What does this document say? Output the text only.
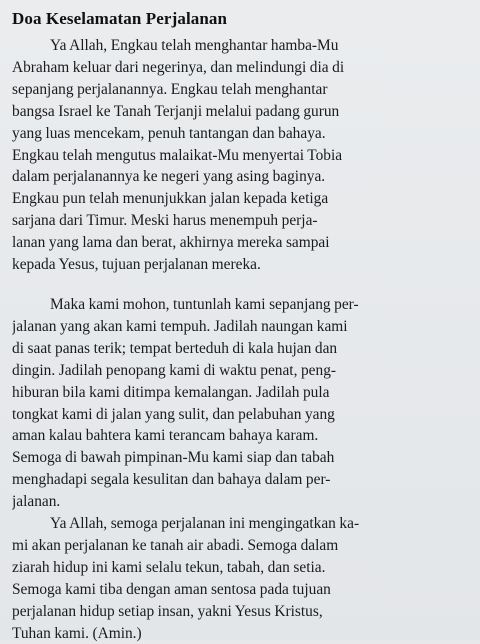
Doa Keselamatan Perjalanan
Ya Allah, Engkau telah menghantar hamba-Mu
Abraham keluar dari negerinya, dan melindungi dia di
sepanjang perjalanannya. Engkau telah menghantar
bangsa Israel ke Tanah Terjanji melalui padang gurun
yang luas mencekam, penuh tantangan dan bahaya.
Engkau telah mengutus malaikat-Mu menyertai Tobia
dalam perjalanannya ke negeri yang asing baginya.
Engkau pun telah menunjukkan jalan kepada ketiga
sarjana dari Timur. Meski harus menempuh perja-
lanan yang lama dan berat, akhirnya mereka sampai
kepada Yesus, tujuan perjalanan mereka.
Maka kami mohon, tuntunlah kami sepanjang per-
jalanan yang akan kami tempuh. Jadilah naungan kami
di saat panas terik; tempat berteduh di kala hujan dan
dingin. Jadilah penopang kami di waktu penat, peng-
hiburan bila kami ditimpa kemalangan. Jadilah pula
tongkat kami di jalan yang sulit, dan pelabuhan yang
aman kalau bahtera kami terancam bahaya karam.
Semoga di bawah pimpinan-Mu kami siap dan tabah
menghadapi segala kesulitan dan bahaya dalam per-
jalanan.
Ya Allah, semoga perjalanan ini mengingatkan ka-
mi akan perjalanan ke tanah air abadi. Semoga dalam
ziarah hidup ini kami selalu tekun, tabah, dan setia.
Semoga kami tiba dengan aman sentosa pada tujuan
perjalanan hidup setiap insan, yakni Yesus Kristus,
Tuhan kami. (Amin.)
